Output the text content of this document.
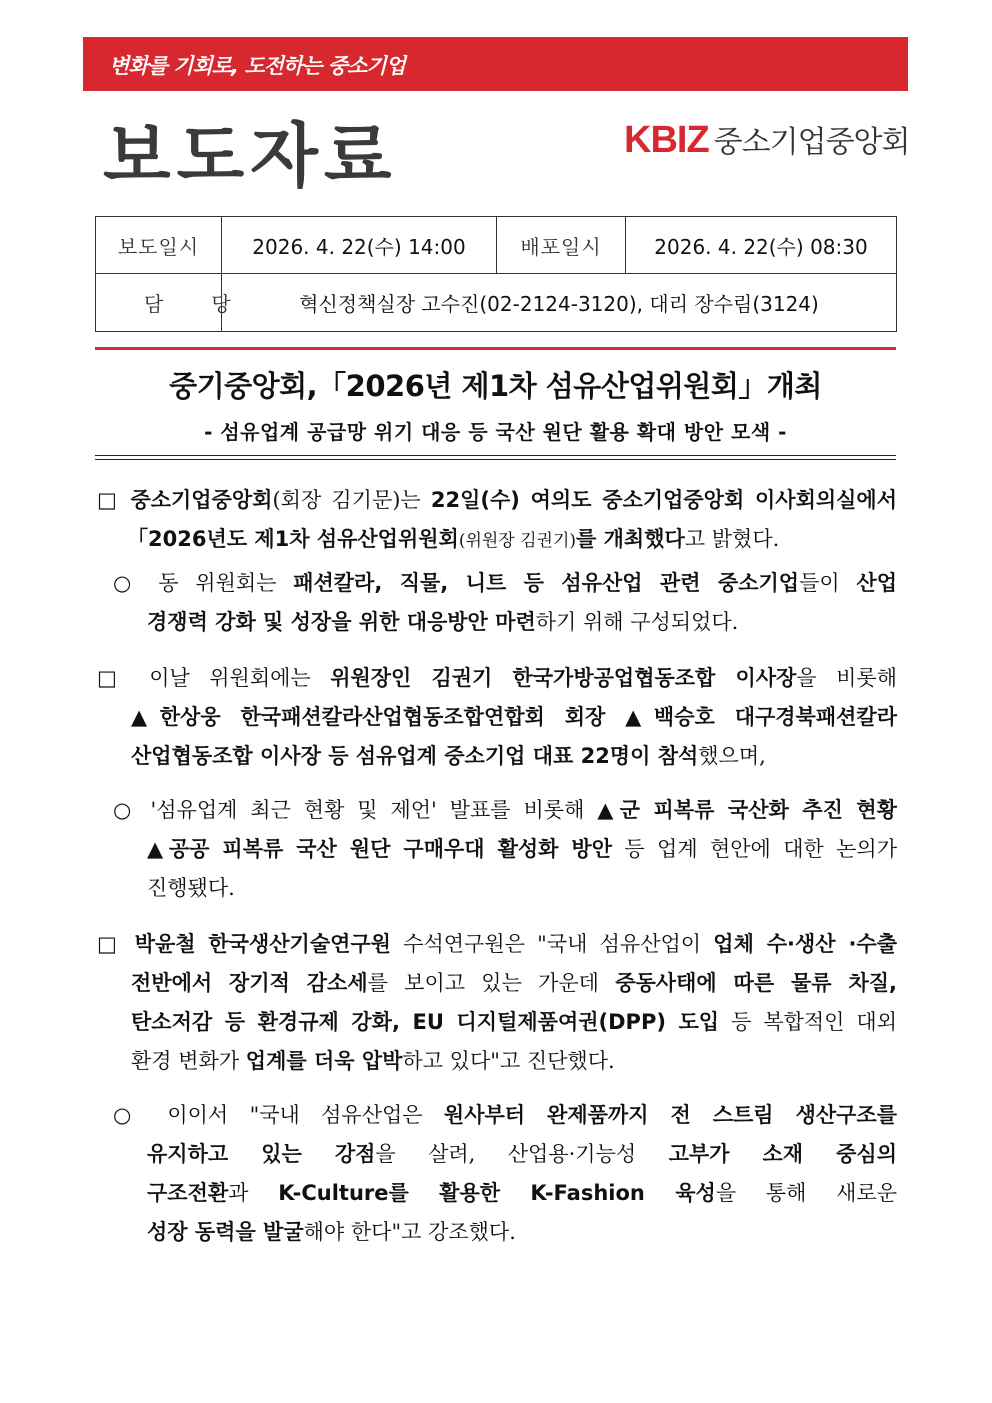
변화를 기회로, 도전하는 중소기업
보도자료	KBIZ 중소기업중앙회
보도일시	2026. 4. 22(수) 14:00	배포일시	2026. 4. 22(수) 08:30
담당	혁신정책실장 고수진(02-2124-3120), 대리 장수림(3124)		
중기중앙회,「2026년 제1차 섬유산업위원회」개최
- 섬유업계 공급망 위기 대응 등 국산 원단 활용 확대 방안 모색 -
□ 중소기업중앙회(회장 김기문)는 22일(수) 여의도 중소기업중앙회 이사회의실에서
「2026년도 제1차 섬유산업위원회(위원장 김권기)를 개최했다고 밝혔다.
○ 동 위원회는 패션칼라, 직물, 니트 등 섬유산업 관련 중소기업들이 산업
경쟁력 강화 및 성장을 위한 대응방안 마련하기 위해 구성되었다.
□ 이날 위원회에는 위원장인 김권기 한국가방공업협동조합 이사장을 비롯해
▲한상웅 한국패션칼라산업협동조합연합회 회장 ▲백승호 대구경북패션칼라
산업협동조합 이사장 등 섬유업계 중소기업 대표 22명이 참석했으며,
○ '섬유업계 최근 현황 및 제언' 발표를 비롯해 ▲군 피복류 국산화 추진 현황
▲공공 피복류 국산 원단 구매우대 활성화 방안 등 업계 현안에 대한 논의가
진행됐다.
□ 박윤철 한국생산기술연구원 수석연구원은 "국내 섬유산업이 업체 수·생산 ·수출
전반에서 장기적 감소세를 보이고 있는 가운데 중동사태에 따른 물류 차질,
탄소저감 등 환경규제 강화, EU 디지털제품여권(DPP) 도입 등 복합적인 대외
환경 변화가 업계를 더욱 압박하고 있다"고 진단했다.
○ 이이서 "국내 섬유산업은 원사부터 완제품까지 전 스트림 생산구조를
유지하고 있는 강점을 살려, 산업용·기능성 고부가 소재 중심의
구조전환과 K-Culture를 활용한 K-Fashion 육성을 통해 새로운
성장 동력을 발굴해야 한다"고 강조했다.
